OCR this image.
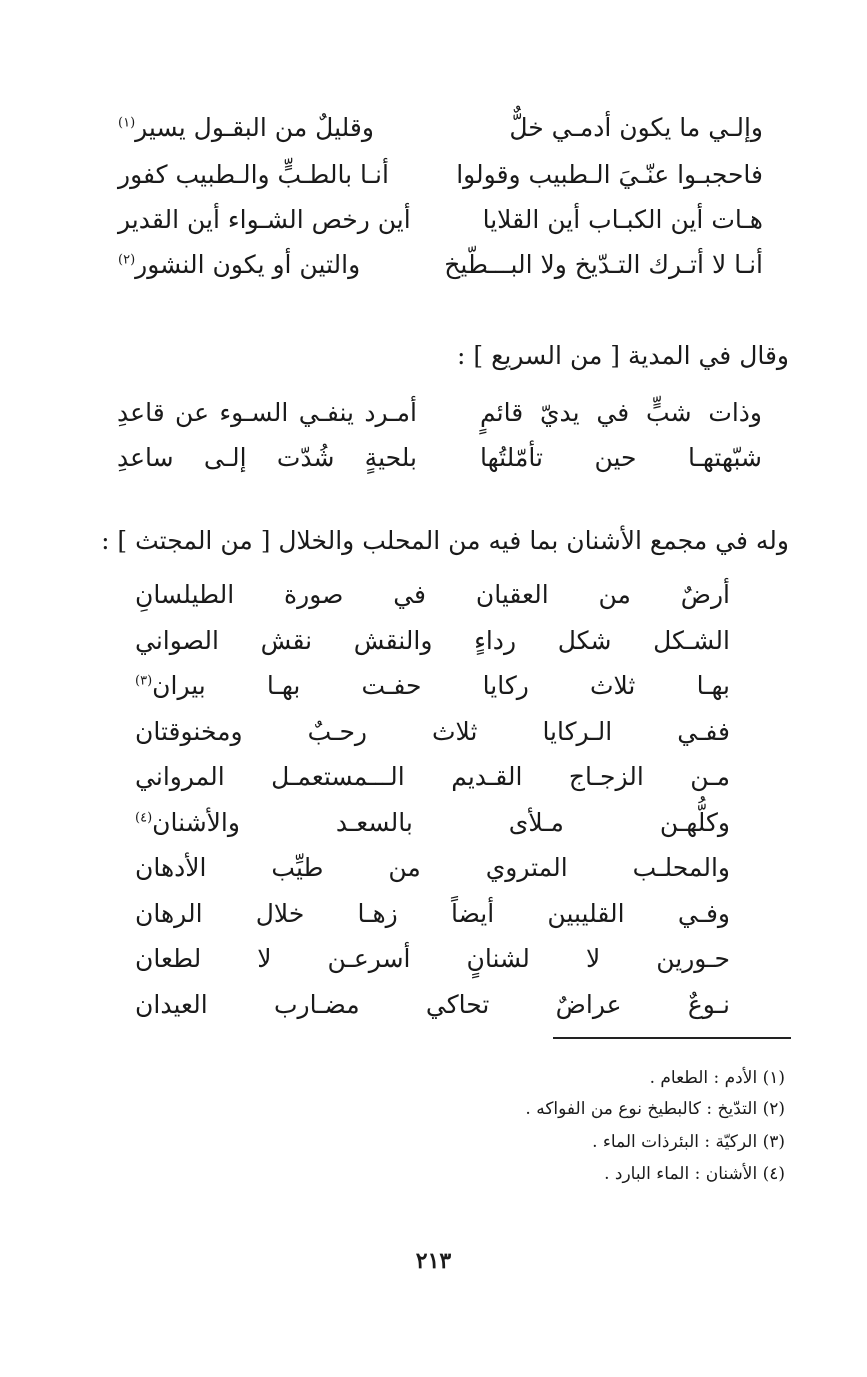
وإلـي ما يكون أدمـي خلٌّ
وقليلٌ من البقـول يسير$^{(١)}$
فاحجبـوا عنّـيَ الـطبيب وقولوا
أنـا بالطـبٍّ والـطبيب كفور
هـات أين الكبـاب أين القلايا
أين رخص الشـواء أين القدير
أنـا لا أتـرك التـدّيخ ولا البـــطّيخ
والتين أو يكون النشور$^{(٢)}$
وقال في المدية [ من السريع ] :
وذات
شبٍّ
في
يديّ
قائمٍ
أمـرد
ينفـي
السـوء
عن
قاعدِ
شبّهتهـا
حين
تأمّلتُها
بلحيةٍ
شُدّت
إلـى
ساعدِ
وله في مجمع الأشنان بما فيه من المحلب والخلال [ من المجتث ] :
أرضٌ
من
العقيان
في
صورة
الطيلسانِ
الشـكل
شكل
رداءٍ
والنقش
نقش
الصواني
بهـا
ثلاث
ركايا
حفـت
بهـا
بيران$^{(٣)}$
ففـي
الـركايا
ثلاث
رحـبٌ
ومخنوقتان
مـن
الزجـاج
القـديم
الـــمستعمـل
المرواني
وكلُّهـن
مـلأى
بالسعـد
والأشنان$^{(٤)}$
والمحلـب
المتروي
من
طيِّب
الأدهان
وفـي
القليبين
أيضاً
زهـا
خلال
الرهان
حـورين
لا
لشنانٍ
أسرعـن
لا
لطعان
نـوعٌ
عراضٌ
تحاكي
مضـارب
العيدان
(١) الأدم : الطعام .
(٢) التدّيخ : كالبطيخ نوع من الفواكه .
(٣) الركيّة : البئرذات الماء .
(٤) الأشنان : الماء البارد .
٢١٣
